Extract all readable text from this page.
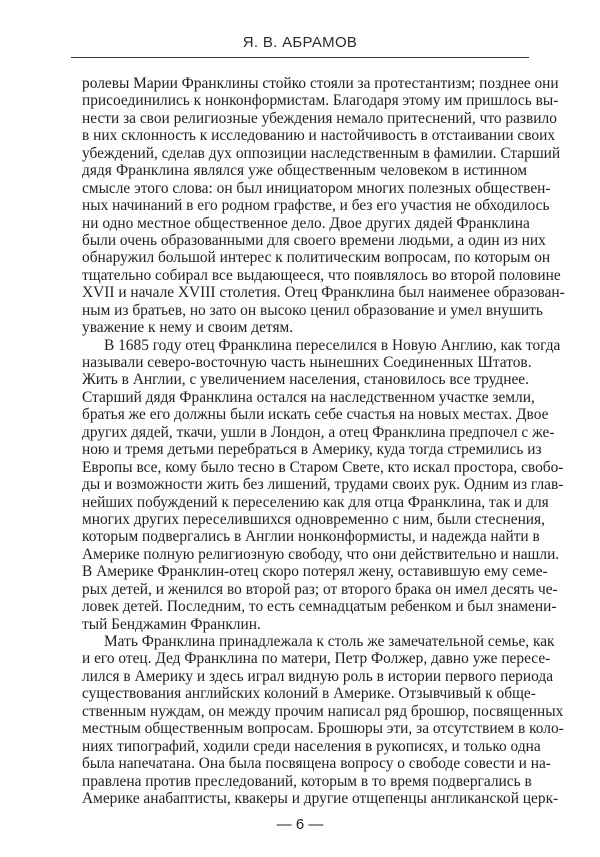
Я. В. АБРАМОВ
ролевы Марии Франклины стойко стояли за протестантизм; позднее они
присоединились к нонконформистам. Благодаря этому им пришлось вы-
нести за свои религиозные убеждения немало притеснений, что развило
в них склонность к исследованию и настойчивость в отстаивании своих
убеждений, сделав дух оппозиции наследственным в фамилии. Старший
дядя Франклина являлся уже общественным человеком в истинном
смысле этого слова: он был инициатором многих полезных обществен-
ных начинаний в его родном графстве, и без его участия не обходилось
ни одно местное общественное дело. Двое других дядей Франклина
были очень образованными для своего времени людьми, а один из них
обнаружил большой интерес к политическим вопросам, по которым он
тщательно собирал все выдающееся, что появлялось во второй половине
XVII и начале XVIII столетия. Отец Франклина был наименее образован-
ным из братьев, но зато он высоко ценил образование и умел внушить
уважение к нему и своим детям.
В 1685 году отец Франклина переселился в Новую Англию, как тогда
называли северо-восточную часть нынешних Соединенных Штатов.
Жить в Англии, с увеличением населения, становилось все труднее.
Старший дядя Франклина остался на наследственном участке земли,
братья же его должны были искать себе счастья на новых местах. Двое
других дядей, ткачи, ушли в Лондон, а отец Франклина предпочел с же-
ною и тремя детьми перебраться в Америку, куда тогда стремились из
Европы все, кому было тесно в Старом Свете, кто искал простора, свобо-
ды и возможности жить без лишений, трудами своих рук. Одним из глав-
нейших побуждений к переселению как для отца Франклина, так и для
многих других переселившихся одновременно с ним, были стеснения,
которым подвергались в Англии нонконформисты, и надежда найти в
Америке полную религиозную свободу, что они действительно и нашли.
В Америке Франклин-отец скоро потерял жену, оставившую ему семе-
рых детей, и женился во второй раз; от второго брака он имел десять че-
ловек детей. Последним, то есть семнадцатым ребенком и был знамени-
тый Бенджамин Франклин.
Мать Франклина принадлежала к столь же замечательной семье, как
и его отец. Дед Франклина по матери, Петр Фолжер, давно уже пересе-
лился в Америку и здесь играл видную роль в истории первого периода
существования английских колоний в Америке. Отзывчивый к обще-
ственным нуждам, он между прочим написал ряд брошюр, посвященных
местным общественным вопросам. Брошюры эти, за отсутствием в коло-
ниях типографий, ходили среди населения в рукописях, и только одна
была напечатана. Она была посвящена вопросу о свободе совести и на-
правлена против преследований, которым в то время подвергались в
Америке анабаптисты, квакеры и другие отщепенцы англиканской церк-
— 6 —
